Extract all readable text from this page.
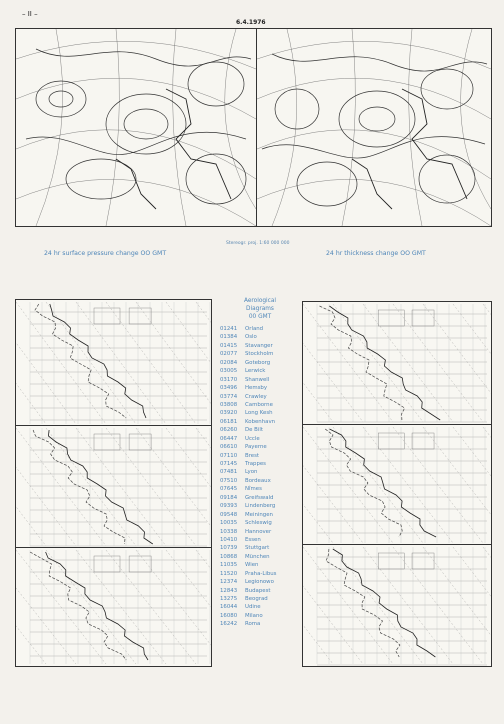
– II –
6.4.1976
Stereogr. proj. 1:60 000 000
24 hr surface pressure change OO GMT	24 hr thickness change OO GMT
Aerological
Diagrams
00 GMT
01241	Orland
01384	Oslo
01415	Stavanger
02077	Stockholm
02084	Goteborg
03005	Lerwick
03170	Shanwell
03496	Hemsby
03774	Crawley
03808	Camborne
03920	Long Kesh
06181	Kobenhavn
06260	De Bilt
06447	Uccle
06610	Payerne
07110	Brest
07145	Trappes
07481	Lyon
07510	Bordeaux
07645	Nîmes
09184	Greifswald
09393	Lindenberg
09548	Meiningen
10035	Schleswig
10338	Hannover
10410	Essen
10739	Stuttgart
10868	München
11035	Wien
11520	Praha-Libus
12374	Legionowo
12843	Budapest
13275	Beograd
16044	Udine
16080	Milano
16242	Roma
